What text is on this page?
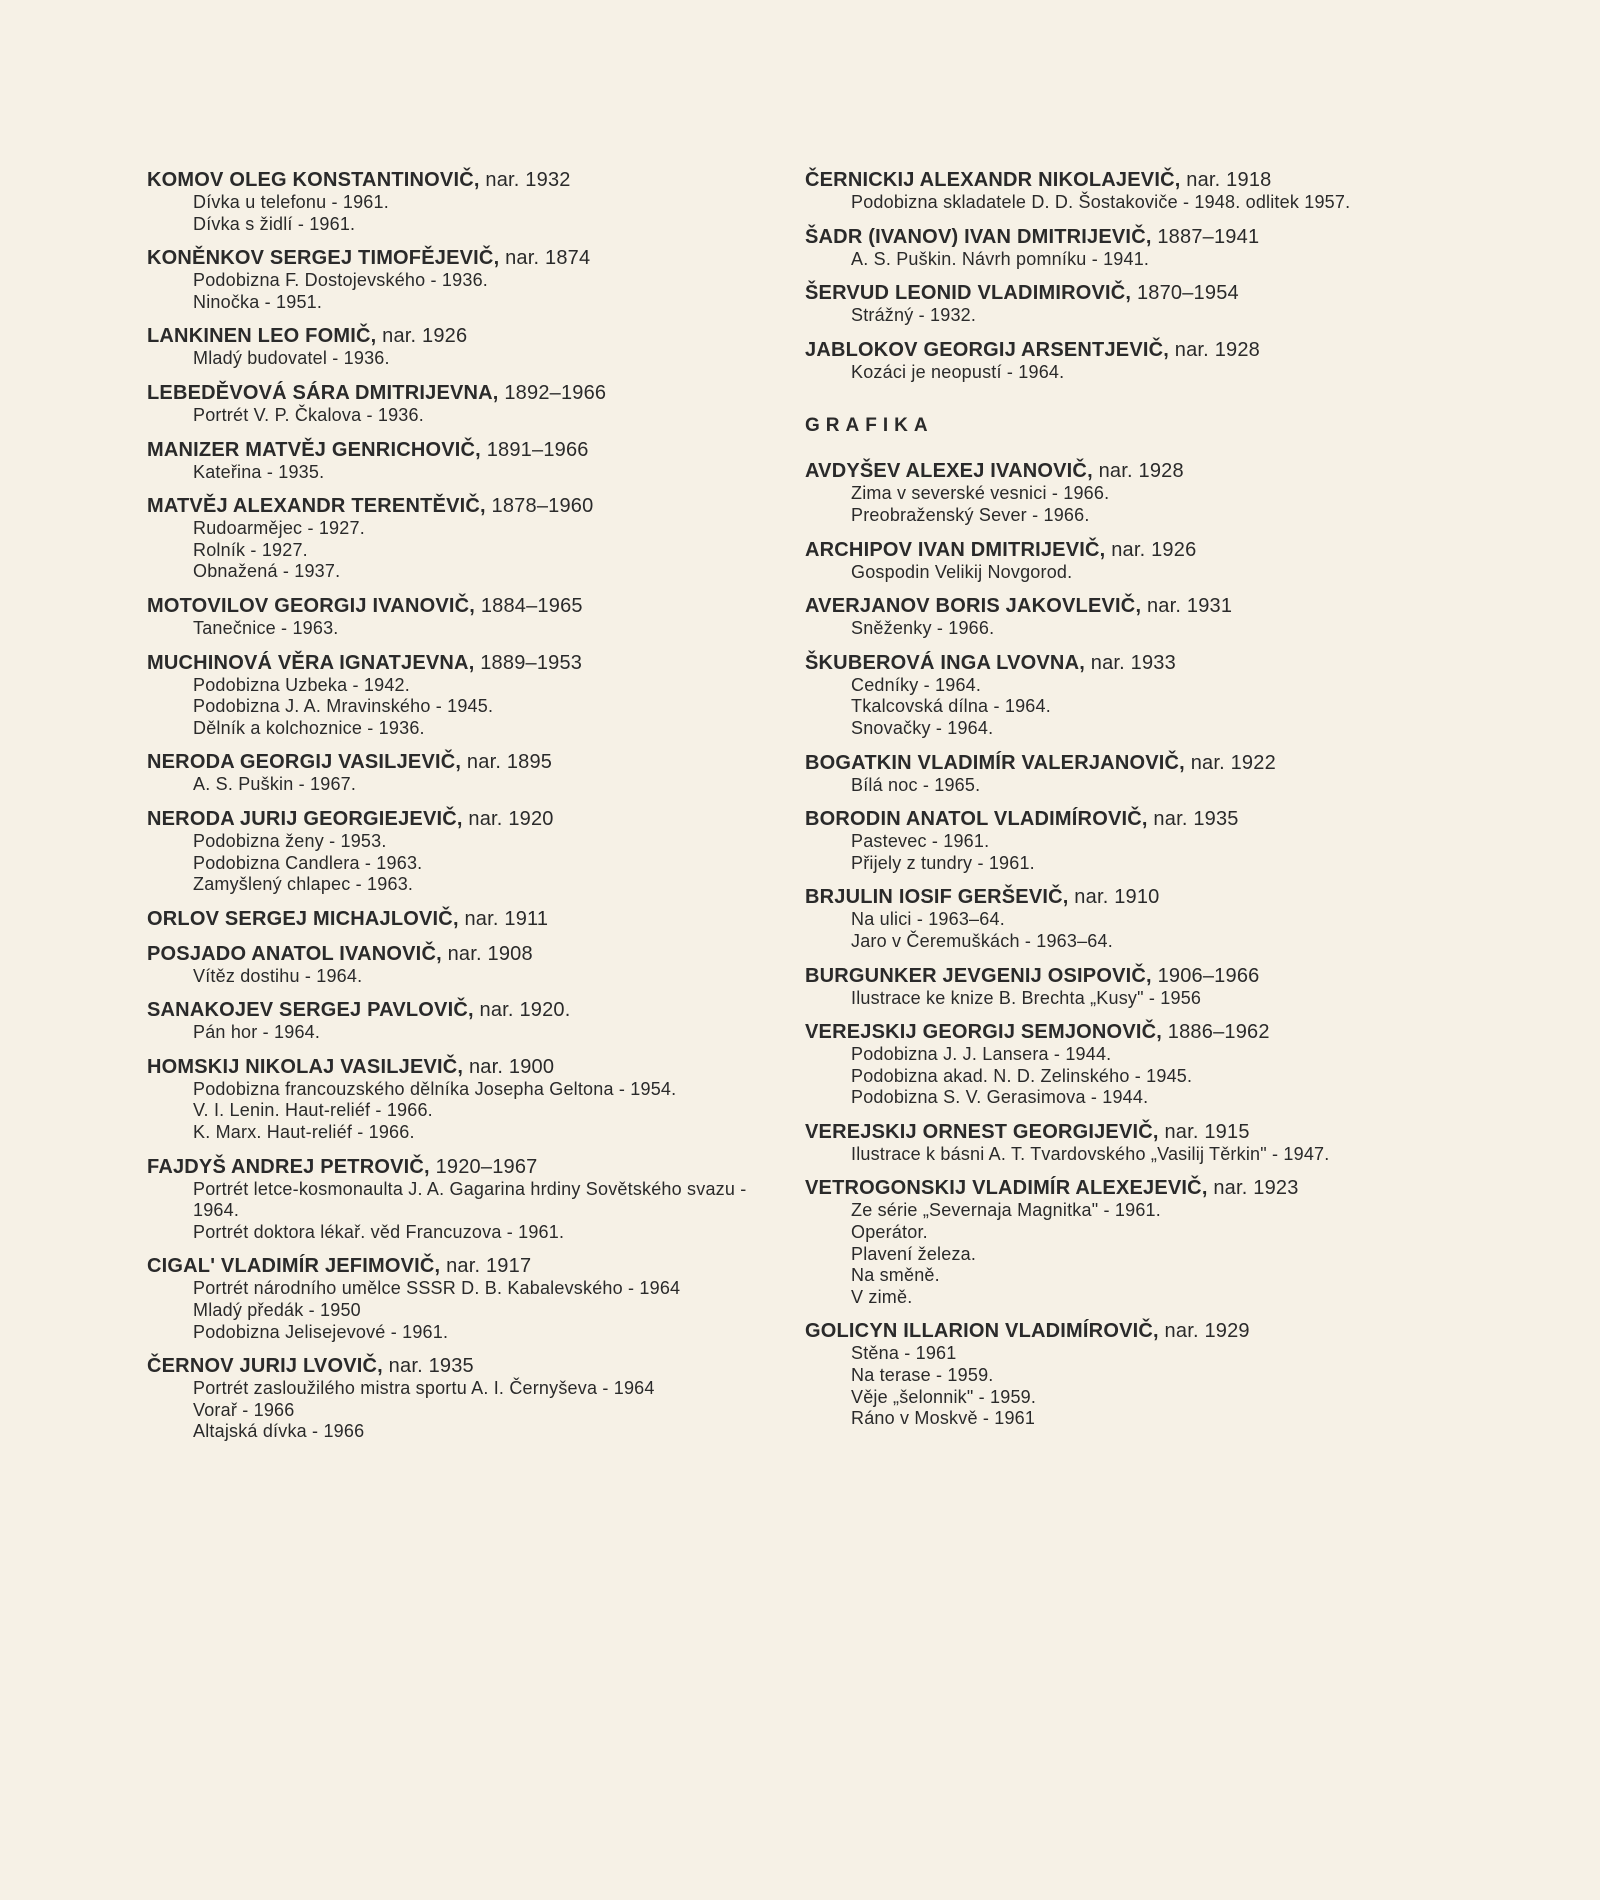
KOMOV OLEG KONSTANTINOVIČ, nar. 1932
Dívka u telefonu - 1961.
Dívka s židlí - 1961.
KONĚNKOV SERGEJ TIMOFĚJEVIČ, nar. 1874
Podobizna F. Dostojevského - 1936.
Ninočka - 1951.
LANKINEN LEO FOMIČ, nar. 1926
Mladý budovatel - 1936.
LEBEDĚVOVÁ SÁRA DMITRIJEVNA, 1892–1966
Portrét V. P. Čkalova - 1936.
MANIZER MATVĚJ GENRICHOVIČ, 1891–1966
Kateřina - 1935.
MATVĚJ ALEXANDR TERENTĚVIČ, 1878–1960
Rudoarmějec - 1927.
Rolník - 1927.
Obnažená - 1937.
MOTOVILOV GEORGIJ IVANOVIČ, 1884–1965
Tanečnice - 1963.
MUCHINOVÁ VĚRA IGNATJEVNA, 1889–1953
Podobizna Uzbeka - 1942.
Podobizna J. A. Mravinského - 1945.
Dělník a kolchoznice - 1936.
NERODA GEORGIJ VASILJEVIČ, nar. 1895
A. S. Puškin - 1967.
NERODA JURIJ GEORGIEJEVIČ, nar. 1920
Podobizna ženy - 1953.
Podobizna Candlera - 1963.
Zamyšlený chlapec - 1963.
ORLOV SERGEJ MICHAJLOVIČ, nar. 1911
POSJADO ANATOL IVANOVIČ, nar. 1908
Vítěz dostihu - 1964.
SANAKOJEV SERGEJ PAVLOVIČ, nar. 1920.
Pán hor - 1964.
HOMSKIJ NIKOLAJ VASILJEVIČ, nar. 1900
Podobizna francouzského dělníka Josepha Geltona - 1954.
V. I. Lenin. Haut-reliéf - 1966.
K. Marx. Haut-reliéf - 1966.
FAJDYŠ ANDREJ PETROVIČ, 1920–1967
Portrét letce-kosmonaulta J. A. Gagarina hrdiny Sovětského svazu - 1964.
Portrét doktora lékař. věd Francuzova - 1961.
CIGAL' VLADIMÍR JEFIMOVIČ, nar. 1917
Portrét národního umělce SSSR D. B. Kabalevského - 1964
Mladý předák - 1950
Podobizna Jelisejevové - 1961.
ČERNOV JURIJ LVOVIČ, nar. 1935
Portrét zasloužilého mistra sportu A. I. Černyševa - 1964
Vorař - 1966
Altajská dívka - 1966
ČERNICKIJ ALEXANDR NIKOLAJEVIČ, nar. 1918
Podobizna skladatele D. D. Šostakoviče - 1948. odlitek 1957.
ŠADR (IVANOV) IVAN DMITRIJEVIČ, 1887–1941
A. S. Puškin. Návrh pomníku - 1941.
ŠERVUD LEONID VLADIMIROVIČ, 1870–1954
Strážný - 1932.
JABLOKOV GEORGIJ ARSENTJEVIČ, nar. 1928
Kozáci je neopustí - 1964.
GRAFIKA
AVDYŠEV ALEXEJ IVANOVIČ, nar. 1928
Zima v severské vesnici - 1966.
Preobraženský Sever - 1966.
ARCHIPOV IVAN DMITRIJEVIČ, nar. 1926
Gospodin Velikij Novgorod.
AVERJANOV BORIS JAKOVLEVIČ, nar. 1931
Sněženky - 1966.
ŠKUBEROVÁ INGA LVOVNA, nar. 1933
Cedníky - 1964.
Tkalcovská dílna - 1964.
Snovačky - 1964.
BOGATKIN VLADIMÍR VALERJANOVIČ, nar. 1922
Bílá noc - 1965.
BORODIN ANATOL VLADIMÍROVIČ, nar. 1935
Pastevec - 1961.
Přijely z tundry - 1961.
BRJULIN IOSIF GERŠEVIČ, nar. 1910
Na ulici - 1963–64.
Jaro v Čeremuškách - 1963–64.
BURGUNKER JEVGENIJ OSIPOVIČ, 1906–1966
Ilustrace ke knize B. Brechta „Kusy" - 1956
VEREJSKIJ GEORGIJ SEMJONOVIČ, 1886–1962
Podobizna J. J. Lansera - 1944.
Podobizna akad. N. D. Zelinského - 1945.
Podobizna S. V. Gerasimova - 1944.
VEREJSKIJ ORNEST GEORGIJEVIČ, nar. 1915
Ilustrace k básni A. T. Tvardovského „Vasilij Těrkin" - 1947.
VETROGONSKIJ VLADIMÍR ALEXEJEVIČ, nar. 1923
Ze série „Severnaja Magnitka" - 1961.
Operátor.
Plavení železa.
Na směně.
V zimě.
GOLICYN ILLARION VLADIMÍROVIČ, nar. 1929
Stěna - 1961
Na terase - 1959.
Věje „šelonnik" - 1959.
Ráno v Moskvě - 1961
